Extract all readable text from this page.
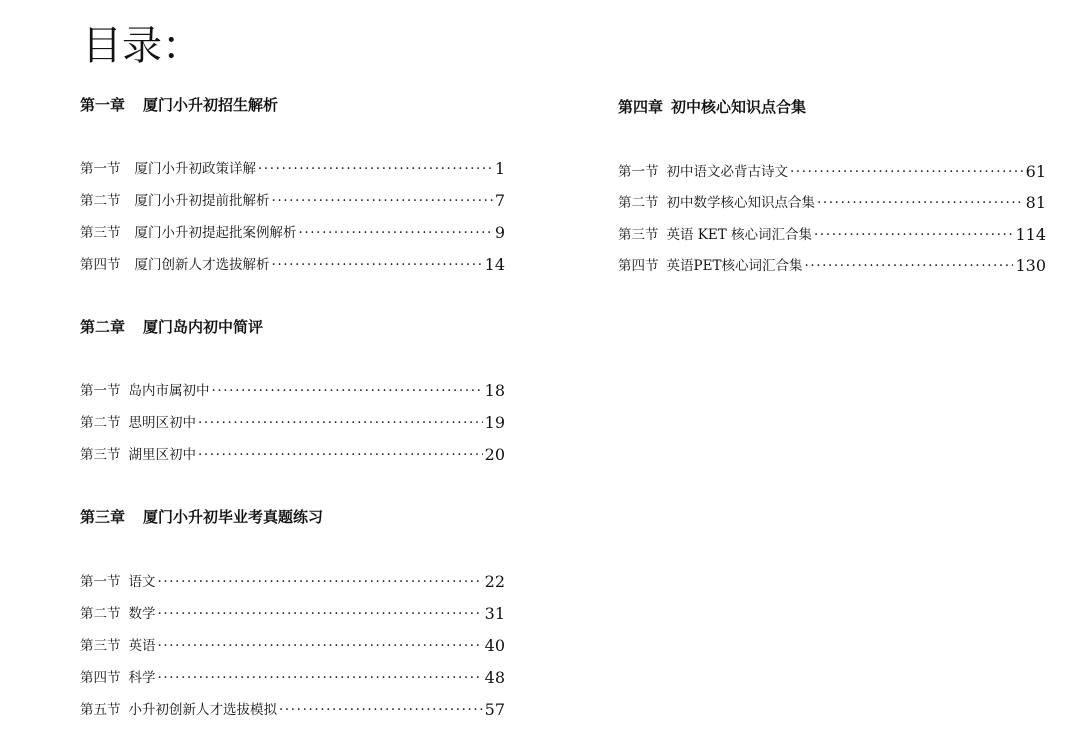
目录：
第一章 厦门小升初招生解析
第一节 厦门小升初政策详解 ·····	1
第二节 厦门小升初提前批解析 ·····	7
第三节 厦门小升初提起批案例解析 ·····	9
第四节 厦门创新人才选拔解析 ·····	14
第二章 厦门岛内初中简评
第一节 岛内市属初中 ·····	18
第二节 思明区初中 ·····	19
第三节 湖里区初中 ·····	20
第三章 厦门小升初毕业考真题练习
第一节 语文 ·····	22
第二节 数学 ·····	31
第三节 英语 ·····	40
第四节 科学 ·····	48
第五节 小升初创新人才选拔模拟 ·····	57
第四章 初中核心知识点合集
第一节 初中语文必背古诗文 ·····	61
第二节 初中数学核心知识点合集 ·····	81
第三节 英语 KET 核心词汇合集 ·····	114
第四节 英语PET核心词汇合集 ·····	130
